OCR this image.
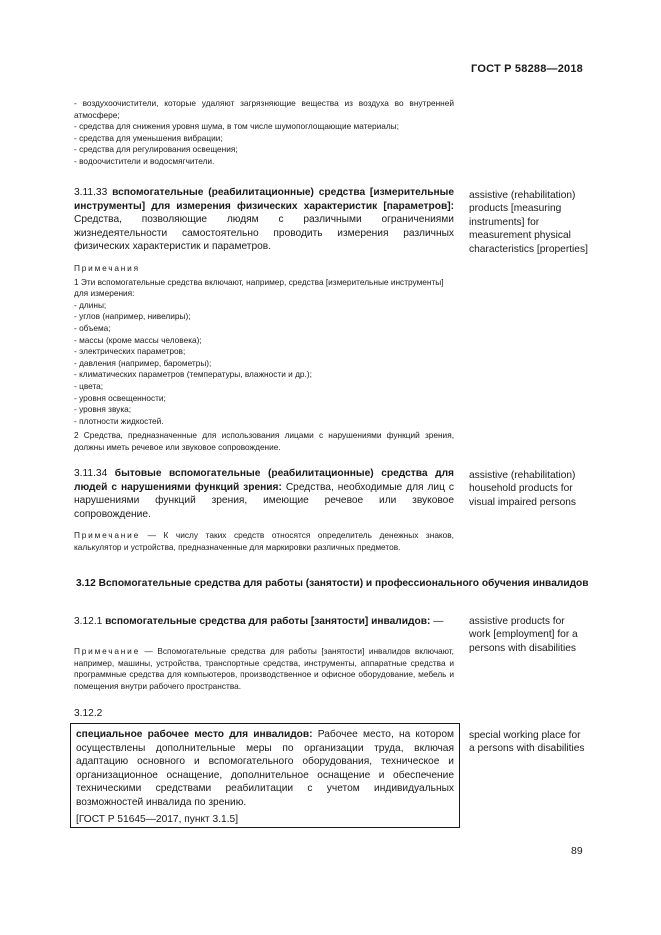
ГОСТ Р 58288—2018

- воздухоочистители, которые удаляют загрязняющие вещества из воздуха во внутренней атмосфере;

- средства для снижения уровня шума, в том числе шумопоглощающие материалы;

- средства для уменьшения вибрации;

- средства для регулирования освещения;

- водоочистители и водосмягчители.

3.11.33 вспомогательные (реабилитационные) средства [измерительные инструменты] для измерения физических характеристик [параметров]: Средства, позволяющие людям с различными ограничениями жизнедеятельности самостоятельно проводить измерения различных физических характеристик и параметров.

assistive (rehabilitation) products [measuring instruments] for measurement physical characteristics [properties]

Примечания

1 Эти вспомогательные средства включают, например, средства [измерительные инструменты] для измерения:

- длины;

- углов (например, нивелиры);

- объема;

- массы (кроме массы человека);

- электрических параметров;

- давления (например, барометры);

- климатических параметров (температуры, влажности и др.);

- цвета;

- уровня освещенности;

- уровня звука;

- плотности жидкостей.

2 Средства, предназначенные для использования лицами с нарушениями функций зрения, должны иметь речевое или звуковое сопровождение.

3.11.34 бытовые вспомогательные (реабилитационные) средства для людей с нарушениями функций зрения: Средства, необходимые для лиц с нарушениями функций зрения, имеющие речевое или звуковое сопровождение.

assistive (rehabilitation) household products for visual impaired persons

Примечание — К числу таких средств относятся определитель денежных знаков, калькулятор и устройства, предназначенные для маркировки различных предметов.

3.12 Вспомогательные средства для работы (занятости) и профессионального обучения инвалидов

3.12.1 вспомогательные средства для работы [занятости] инвалидов: —	assistive products for work [employment] for a persons with disabilities

Примечание — Вспомогательные средства для работы [занятости] инвалидов включают, например, машины, устройства, транспортные средства, инструменты, аппаратные средства и программные средства для компьютеров, производственное и офисное оборудование, мебель и помещения внутри рабочего пространства.

3.12.2

специальное рабочее место для инвалидов: Рабочее место, на котором осуществлены дополнительные меры по организации труда, включая адаптацию основного и вспомогательного оборудования, техническое и организационное оснащение, дополнительное оснащение и обеспечение техническими средствами реабилитации с учетом индивидуальных возможностей инвалида по зрению.

[ГОСТ Р 51645—2017, пункт 3.1.5]

special working place for a persons with disabilities
89
